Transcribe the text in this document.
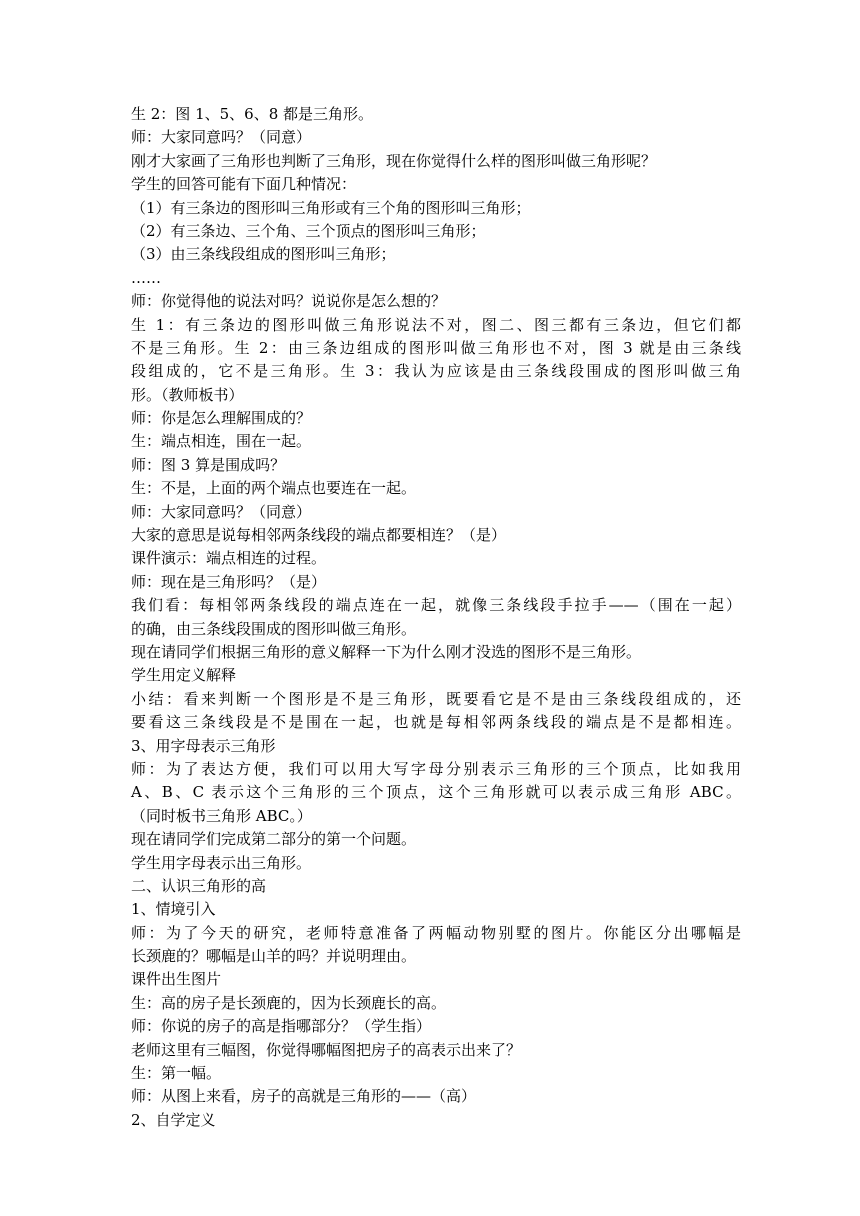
生 2：图 1、5、6、8 都是三角形。
师：大家同意吗？（同意）
刚才大家画了三角形也判断了三角形，现在你觉得什么样的图形叫做三角形呢？
学生的回答可能有下面几种情况：
（1）有三条边的图形叫三角形或有三个角的图形叫三角形；
（2）有三条边、三个角、三个顶点的图形叫三角形；
（3）由三条线段组成的图形叫三角形；
……
师：你觉得他的说法对吗？说说你是怎么想的？
生 1：有三条边的图形叫做三角形说法不对，图二、图三都有三条边，但它们都
不是三角形。生 2：由三条边组成的图形叫做三角形也不对，图 3 就是由三条线
段组成的，它不是三角形。生 3：我认为应该是由三条线段围成的图形叫做三角
形。（教师板书）
师：你是怎么理解围成的？
生：端点相连，围在一起。
师：图 3 算是围成吗？
生：不是，上面的两个端点也要连在一起。
师：大家同意吗？（同意）
大家的意思是说每相邻两条线段的端点都要相连？（是）
课件演示：端点相连的过程。
师：现在是三角形吗？（是）
我们看：每相邻两条线段的端点连在一起，就像三条线段手拉手——（围在一起）
的确，由三条线段围成的图形叫做三角形。
现在请同学们根据三角形的意义解释一下为什么刚才没选的图形不是三角形。
学生用定义解释
小结：看来判断一个图形是不是三角形，既要看它是不是由三条线段组成的，还
要看这三条线段是不是围在一起，也就是每相邻两条线段的端点是不是都相连。
3、用字母表示三角形
师：为了表达方便，我们可以用大写字母分别表示三角形的三个顶点，比如我用
A、B、C 表示这个三角形的三个顶点，这个三角形就可以表示成三角形 ABC。
（同时板书三角形 ABC。）
现在请同学们完成第二部分的第一个问题。
学生用字母表示出三角形。
二、认识三角形的高
1、情境引入
师：为了今天的研究，老师特意准备了两幅动物别墅的图片。你能区分出哪幅是
长颈鹿的？哪幅是山羊的吗？并说明理由。
课件出生图片
生：高的房子是长颈鹿的，因为长颈鹿长的高。
师：你说的房子的高是指哪部分？（学生指）
老师这里有三幅图，你觉得哪幅图把房子的高表示出来了？
生：第一幅。
师：从图上来看，房子的高就是三角形的——（高）
2、自学定义
